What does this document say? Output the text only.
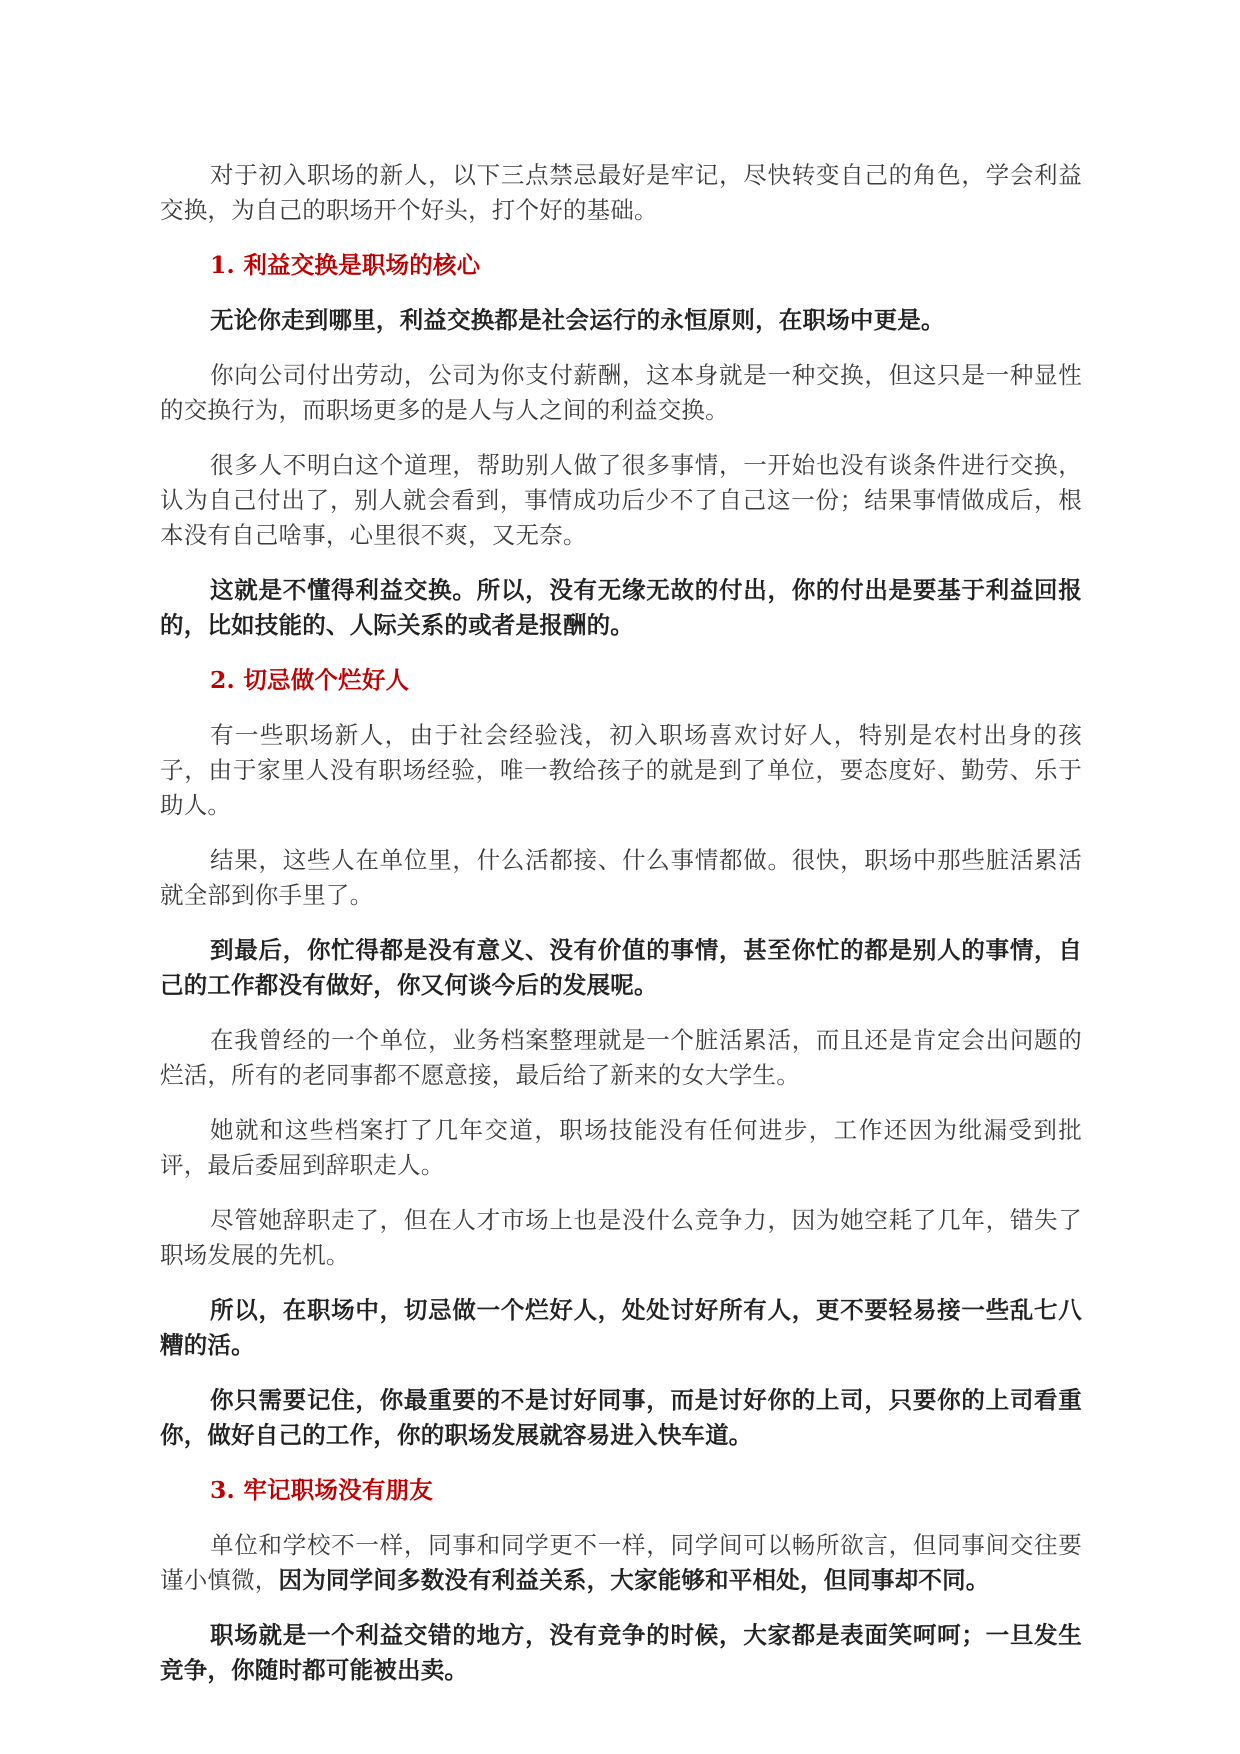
对于初入职场的新人，以下三点禁忌最好是牢记，尽快转变自己的角色，学会利益交换，为自己的职场开个好头，打个好的基础。

1. 利益交换是职场的核心

无论你走到哪里，利益交换都是社会运行的永恒原则，在职场中更是。

你向公司付出劳动，公司为你支付薪酬，这本身就是一种交换，但这只是一种显性的交换行为，而职场更多的是人与人之间的利益交换。

很多人不明白这个道理，帮助别人做了很多事情，一开始也没有谈条件进行交换，认为自己付出了，别人就会看到，事情成功后少不了自己这一份；结果事情做成后，根本没有自己啥事，心里很不爽，又无奈。

这就是不懂得利益交换。所以，没有无缘无故的付出，你的付出是要基于利益回报的，比如技能的、人际关系的或者是报酬的。

2. 切忌做个烂好人

有一些职场新人，由于社会经验浅，初入职场喜欢讨好人，特别是农村出身的孩子，由于家里人没有职场经验，唯一教给孩子的就是到了单位，要态度好、勤劳、乐于助人。

结果，这些人在单位里，什么活都接、什么事情都做。很快，职场中那些脏活累活就全部到你手里了。

到最后，你忙得都是没有意义、没有价值的事情，甚至你忙的都是别人的事情，自己的工作都没有做好，你又何谈今后的发展呢。

在我曾经的一个单位，业务档案整理就是一个脏活累活，而且还是肯定会出问题的烂活，所有的老同事都不愿意接，最后给了新来的女大学生。

她就和这些档案打了几年交道，职场技能没有任何进步，工作还因为纰漏受到批评，最后委屈到辞职走人。

尽管她辞职走了，但在人才市场上也是没什么竞争力，因为她空耗了几年，错失了职场发展的先机。

所以，在职场中，切忌做一个烂好人，处处讨好所有人，更不要轻易接一些乱七八糟的活。

你只需要记住，你最重要的不是讨好同事，而是讨好你的上司，只要你的上司看重你，做好自己的工作，你的职场发展就容易进入快车道。

3. 牢记职场没有朋友

单位和学校不一样，同事和同学更不一样，同学间可以畅所欲言，但同事间交往要谨小慎微，因为同学间多数没有利益关系，大家能够和平相处，但同事却不同。

职场就是一个利益交错的地方，没有竞争的时候，大家都是表面笑呵呵；一旦发生竞争，你随时都可能被出卖。
